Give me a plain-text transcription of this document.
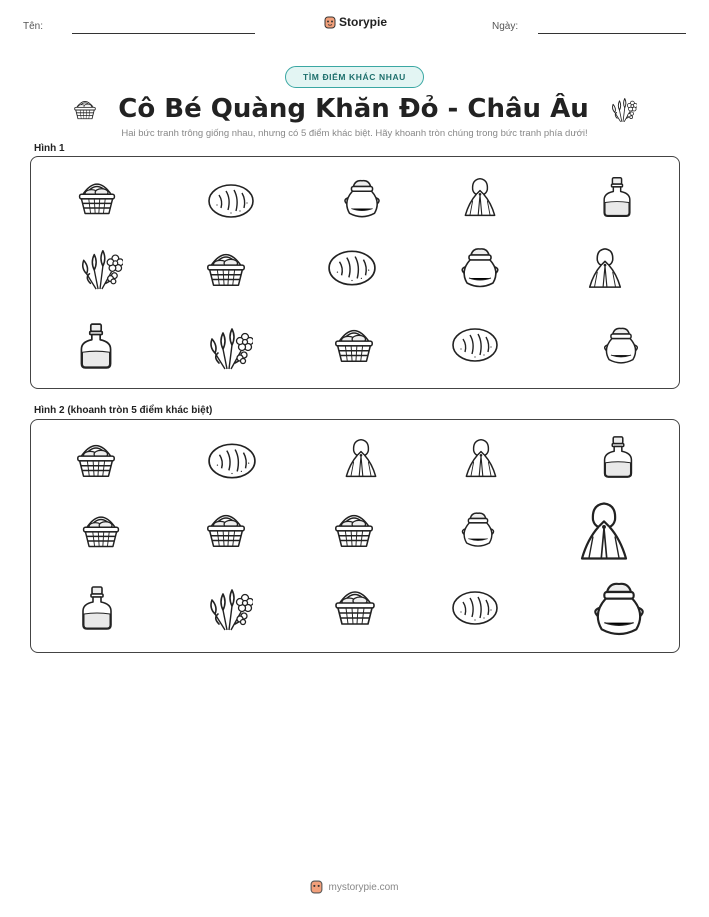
Tên:	Storypie	Ngày:
TÌM ĐIỂM KHÁC NHAU
Cô Bé Quàng Khăn Đỏ - Châu Âu
Hai bức tranh trông giống nhau, nhưng có 5 điểm khác biệt. Hãy khoanh tròn chúng trong bức tranh phía dưới!
Hình 1
Hình 2 (khoanh tròn 5 điểm khác biệt)
mystorypie.com
